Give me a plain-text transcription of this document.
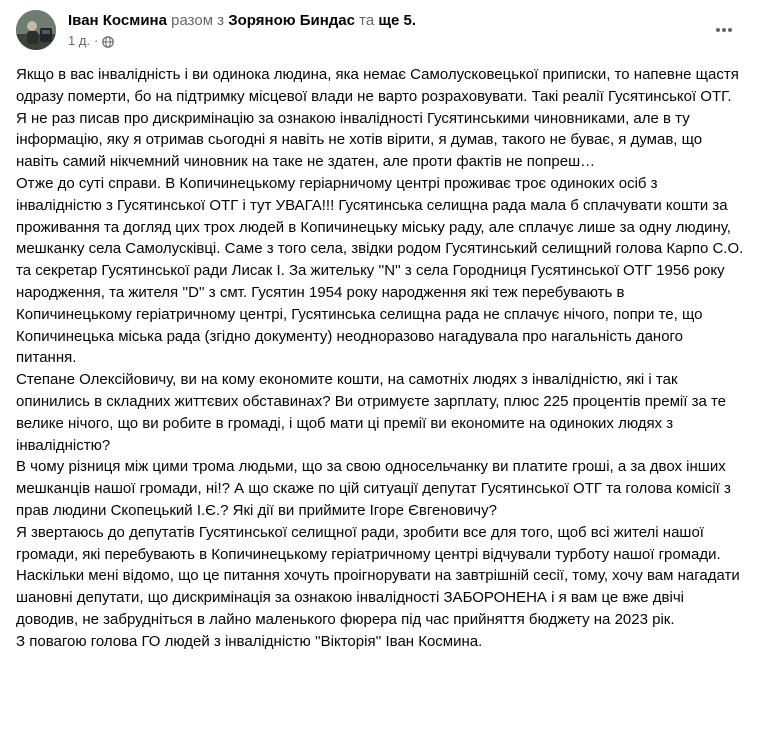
Іван Космина разом з Зоряною Биндас та ще 5.
1 д. ·

Якщо в вас інвалідність і ви одинока людина, яка немає Самолусковецької приписки, то напевне щастя одразу померти, бо на підтримку місцевої влади не варто розраховувати. Такі реалії Гусятинської ОТГ.

Я не раз писав про дискримінацію за ознакою інвалідності Гусятинськими чиновниками, але в ту інформацію, яку я отримав сьогодні я навіть не хотів вірити, я думав, такого не буває, я думав, що навіть самий нікчемний чиновник на таке не здатен, але проти фактів не попреш…

Отже до суті справи. В Копичинецькому геріарничому центрі проживає троє одиноких осіб з інвалідністю з Гусятинської ОТГ і тут УВАГА!!! Гусятинська селищна рада мала б сплачувати кошти за проживання та догляд цих трох людей в Копичинецьку міську раду, але сплачує лише за одну людину, мешканку села Самолусківці. Саме з того села, звідки родом Гусятинський селищний голова Карпо С.О. та секретар Гусятинської ради Лисак І. За жительку ''N'' з села Городниця Гусятинської ОТГ 1956 року народження, та жителя ''D'' з смт. Гусятин 1954 року народження які теж перебувають в Копичинецькому геріатричному центрі, Гусятинська селищна рада не сплачує нічого, попри те, що Копичинецька міська рада (згідно документу) неодноразово нагадувала про нагальність даного питання.

Степане Олексійовичу, ви на кому економите кошти, на самотніх людях з інвалідністю, які і так опинились в складних життєвих обставинах? Ви отримуєте зарплату, плюс 225 процентів премії за те велике нічого, що ви робите в громаді, і щоб мати ці премії ви економите на одиноких людях з інвалідністю?

В чому різниця між цими трома людьми, що за свою односельчанку ви платите гроші, а за двох інших мешканців нашої громади, ні!? А що скаже по цій ситуації депутат Гусятинської ОТГ та голова комісії з прав людини Скопецький І.Є.? Які дії ви приймите Ігоре Євгеновичу?

Я звертаюсь до депутатів Гусятинської селищної ради, зробити все для того, щоб всі жителі нашої громади, які перебувають в Копичинецькому геріатричному центрі відчували турботу нашої громади.

Наскільки мені відомо, що це питання хочуть проігнорувати на завтрішній сесії, тому, хочу вам нагадати шановні депутати, що дискримінація за ознакою інвалідності ЗАБОРОНЕНА і я вам це вже двічі доводив, не забрудніться в лайно маленького фюрера під час прийняття бюджету на 2023 рік.

З повагою голова ГО людей з інвалідністю ''Вікторія'' Іван Космина.
